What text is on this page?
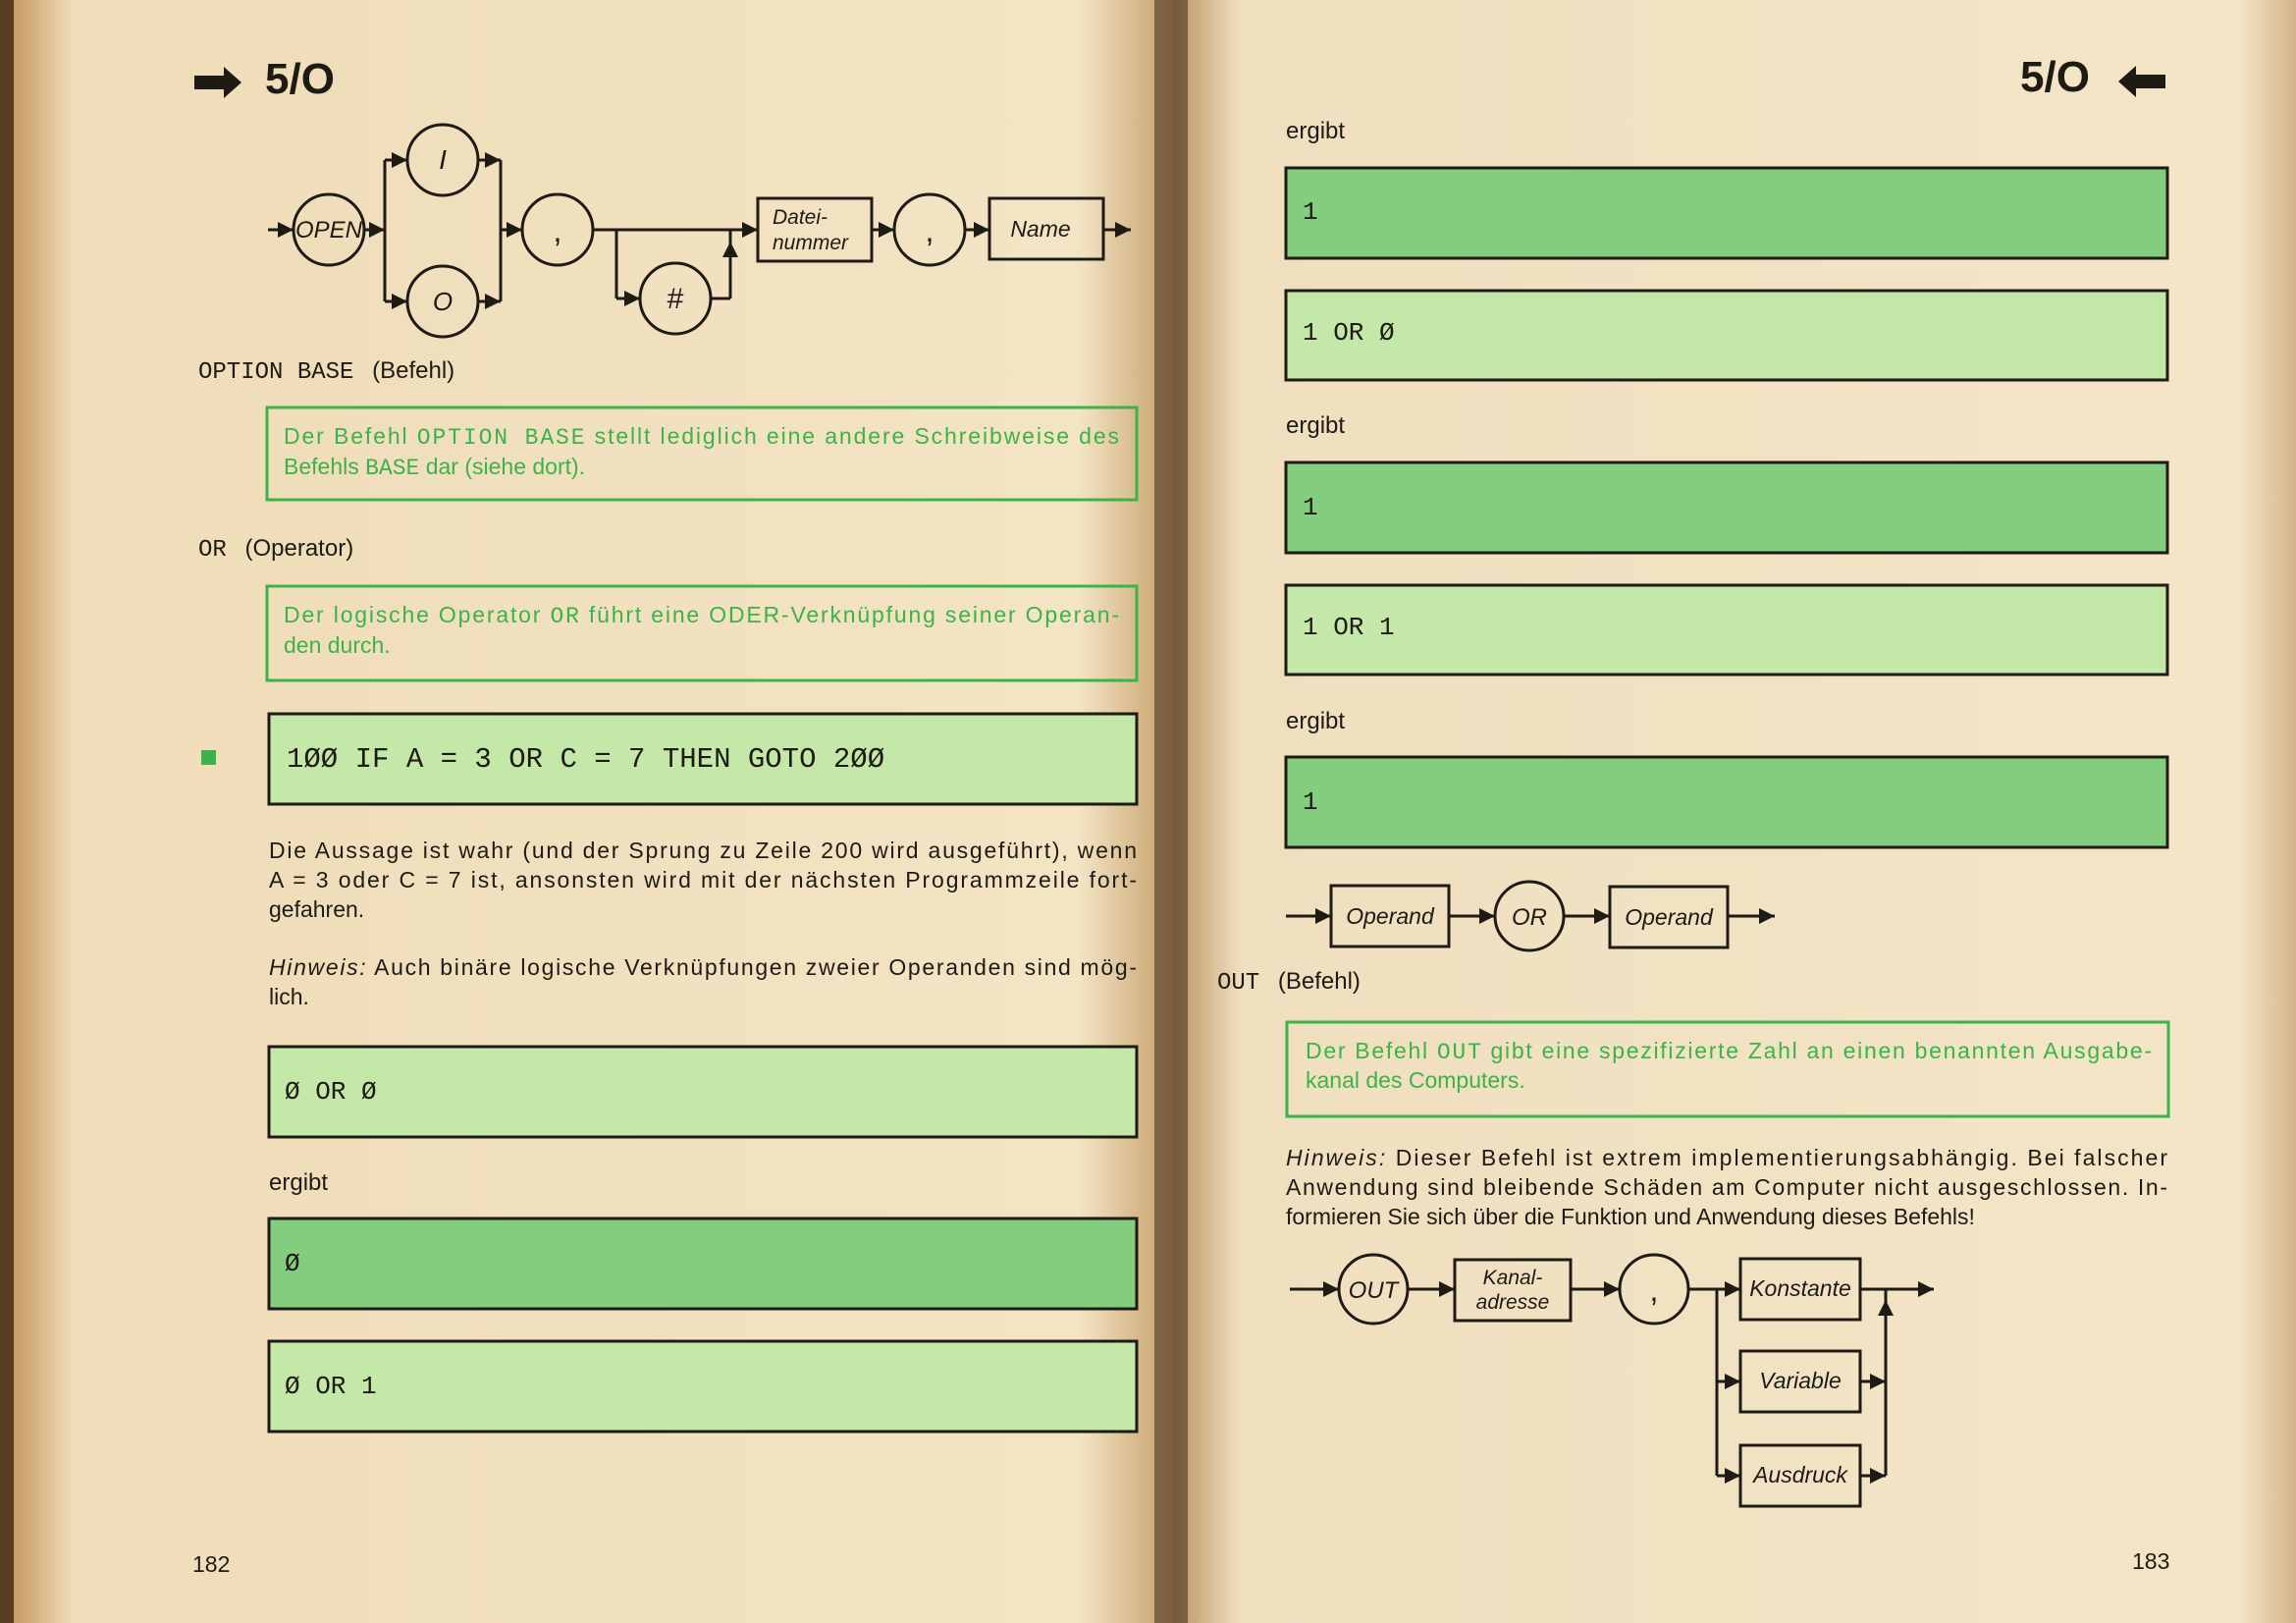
5/O
OPEN
I
O
,
#
Datei-
nummer ,	Name
OPTION BASE (Befehl)
Der Befehl OPTION BASE stellt lediglich eine andere Schreibweise des
Befehls BASE dar (siehe dort).
OR (Operator)
Der logische Operator OR führt eine ODER-Verknüpfung seiner Operan-
den durch.
1ØØ IF A = 3 OR C = 7 THEN GOTO 2ØØ
Die Aussage ist wahr (und der Sprung zu Zeile 200 wird ausgeführt), wenn
A = 3 oder C = 7 ist, ansonsten wird mit der nächsten Programmzeile fort-
gefahren.
Hinweis: Auch binäre logische Verknüpfungen zweier Operanden sind mög-
lich.
Ø OR Ø
ergibt
Ø
Ø OR 1
182
5/O
ergibt
1
1 OR Ø
ergibt
1
1 OR 1
ergibt
1
Operand	OR	Operand
OUT (Befehl)
Der Befehl OUT gibt eine spezifizierte Zahl an einen benannten Ausgabe-
kanal des Computers.
Hinweis: Dieser Befehl ist extrem implementierungsabhängig. Bei falscher
Anwendung sind bleibende Schäden am Computer nicht ausgeschlossen. In-
formieren Sie sich über die Funktion und Anwendung dieses Befehls!
OUT	Kanal-
adresse	,	Konstante
Variable
Ausdruck
183
